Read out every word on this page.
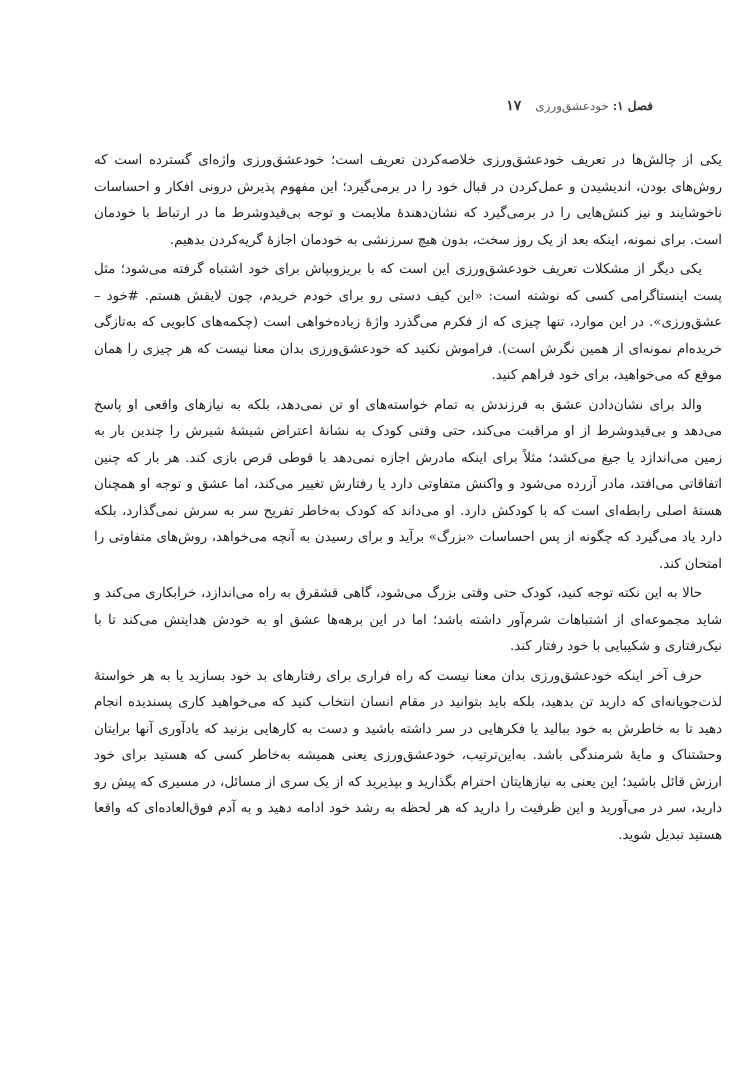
فصل ١: خودعشق‌ورزی
١٧

یکی از چالش‌ها در تعریف خودعشق‌ورزی خلاصه‌کردن تعریف است؛ خودعشق‌ورزی واژه‌ای گسترده است که روش‌های بودن، اندیشیدن و عمل‌کردن در قبال خود را در برمی‌گیرد؛ این مفهوم پذیرش درونی افکار و احساسات ناخوشایند و نیز کنش‌هایی را در برمی‌گیرد که نشان‌دهندهٔ ملایمت و توجه بی‌قیدوشرط ما در ارتباط با خودمان است. برای نمونه، اینکه بعد از یک روز سخت، بدون هیچ سرزنشی به خودمان اجازهٔ گریه‌کردن بدهیم.

یکی دیگر از مشکلات تعریف خودعشق‌ورزی این است که با بریزوبپاش برای خود اشتباه گرفته می‌شود؛ مثل پست اینستاگرامی کسی که نوشته است: «این کیف دستی رو برای خودم خریدم، چون لایقش هستم. #خود – عشق‌ورزی». در این موارد، تنها چیزی که از فکرم می‌گذرد واژهٔ زیاده‌خواهی است (چکمه‌های کابویی که به‌تازگی خریده‌ام نمونه‌ای از همین نگرش است). فراموش نکنید که خودعشق‌ورزی بدان معنا نیست که هر چیزی را همان موقع که می‌خواهید، برای خود فراهم کنید.

والد برای نشان‌دادن عشق به فرزندش به تمام خواسته‌های او تن نمی‌دهد، بلکه به نیازهای واقعی او پاسخ می‌دهد و بی‌قیدوشرط از او مراقبت می‌کند، حتی وقتی کودک به نشانهٔ اعتراض شیشهٔ شیرش را چندین بار به زمین می‌اندازد یا جیغ می‌کشد؛ مثلاً برای اینکه مادرش اجازه نمی‌دهد با قوطی قرص بازی کند. هر بار که چنین اتفاقاتی می‌افتد، مادر آزرده می‌شود و واکنش متفاوتی دارد یا رفتارش تغییر می‌کند، اما عشق و توجه او همچنان هستهٔ اصلی رابطه‌ای است که با کودکش دارد. او می‌داند که کودک به‌خاطر تفریح سر به سرش نمی‌گذارد، بلکه دارد یاد می‌گیرد که چگونه از پس احساسات «بزرگ» برآید و برای رسیدن به آنچه می‌خواهد، روش‌های متفاوتی را امتحان کند.

حالا به این نکته توجه کنید، کودک حتی وقتی بزرگ می‌شود، گاهی قشقرق به راه می‌اندازد، خرابکاری می‌کند و شاید مجموعه‌ای از اشتباهات شرم‌آور داشته باشد؛ اما در این برهه‌ها عشق او به خودش هدایتش می‌کند تا با نیک‌رفتاری و شکیبایی با خود رفتار کند.

حرف آخر اینکه خودعشق‌ورزی بدان معنا نیست که راه فراری برای رفتارهای بد خود بسازید یا به هر خواستهٔ لذت‌جویانه‌ای که دارید تن بدهید، بلکه باید بتوانید در مقام انسان انتخاب کنید که می‌خواهید کاری پسندیده انجام دهید تا به خاطرش به خود ببالید یا فکرهایی در سر داشته باشید و دست به کارهایی بزنید که یادآوری آنها برایتان وحشتناک و مایهٔ شرمندگی باشد. به‌این‌ترتیب، خودعشق‌ورزی یعنی همیشه به‌خاطر کسی که هستید برای خود ارزش قائل باشید؛ این یعنی به نیازهایتان احترام بگذارید و بپذیرید که از یک سری از مسائل، در مسیری که پیش رو دارید، سر در می‌آورید و این ظرفیت را دارید که هر لحظه به رشد خود ادامه دهید و به آدم فوق‌العاده‌ای که واقعا هستید تبدیل شوید.
